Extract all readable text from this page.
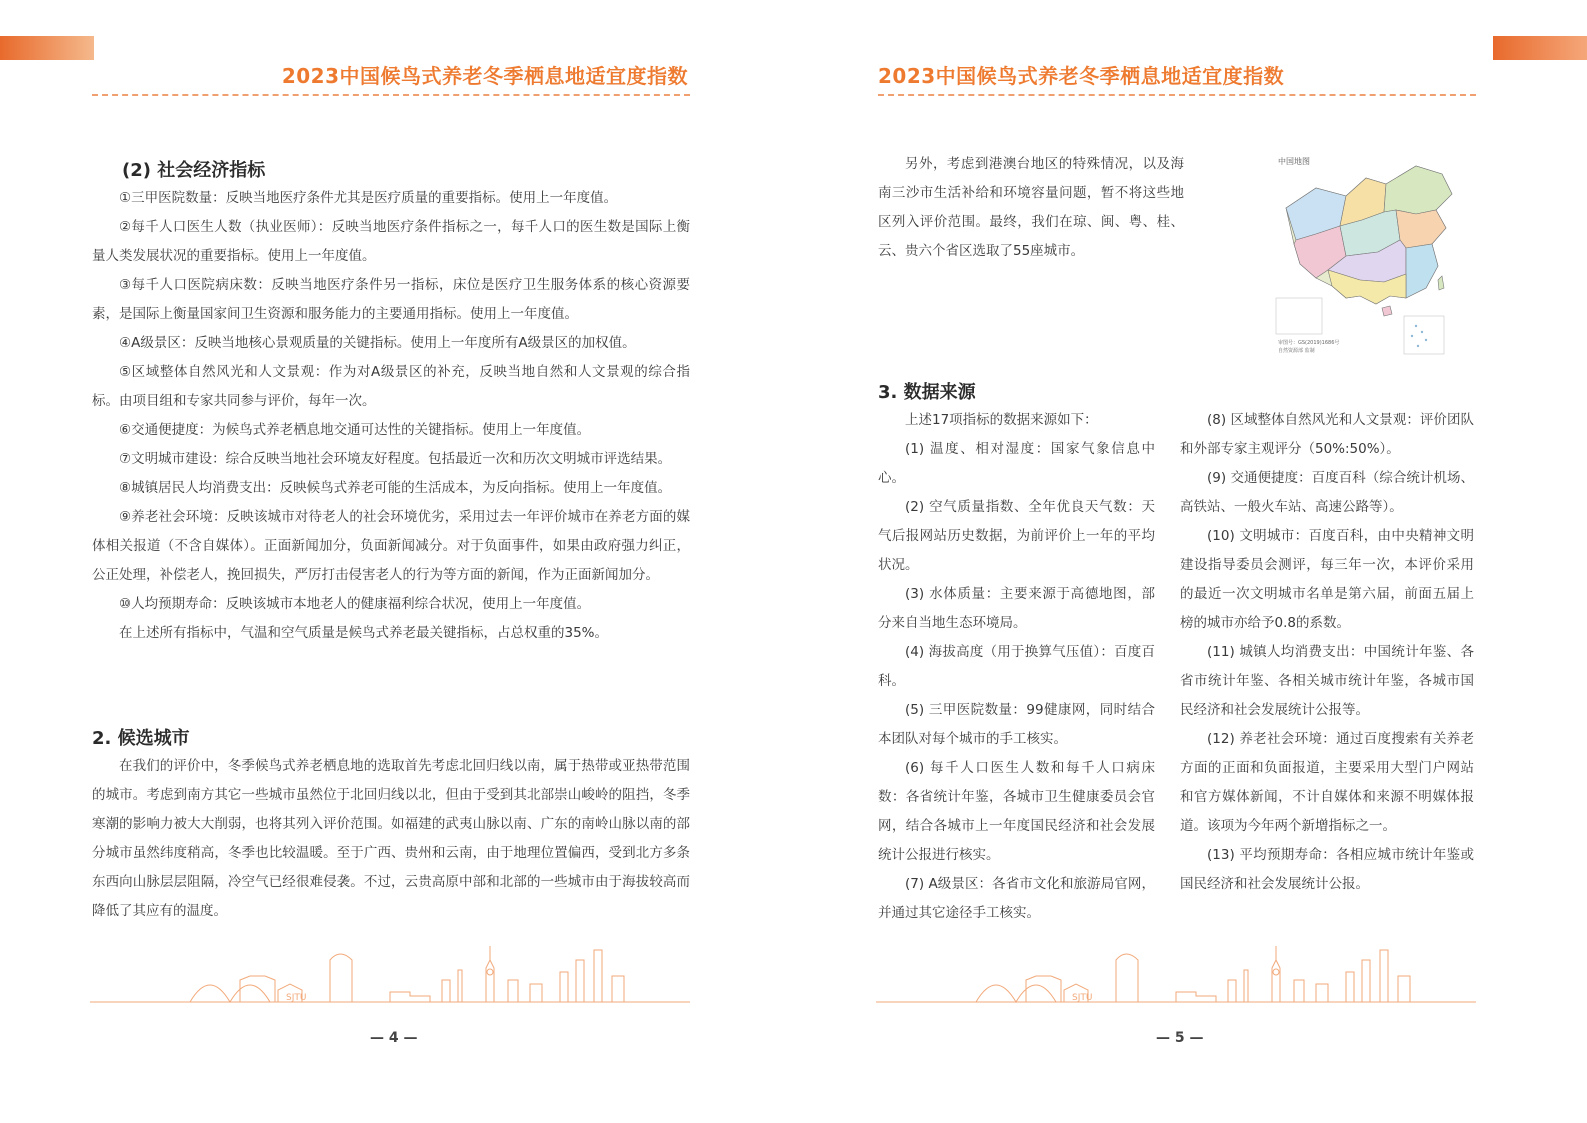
2023中国候鸟式养老冬季栖息地适宜度指数
(2) 社会经济指标

①三甲医院数量：反映当地医疗条件尤其是医疗质量的重要指标。使用上一年度值。

②每千人口医生人数（执业医师）：反映当地医疗条件指标之一，每千人口的医生数是国际上衡量人类发展状况的重要指标。使用上一年度值。

③每千人口医院病床数：反映当地医疗条件另一指标，床位是医疗卫生服务体系的核心资源要素，是国际上衡量国家间卫生资源和服务能力的主要通用指标。使用上一年度值。

④A级景区：反映当地核心景观质量的关键指标。使用上一年度所有A级景区的加权值。

⑤区域整体自然风光和人文景观：作为对A级景区的补充，反映当地自然和人文景观的综合指标。由项目组和专家共同参与评价，每年一次。

⑥交通便捷度：为候鸟式养老栖息地交通可达性的关键指标。使用上一年度值。

⑦文明城市建设：综合反映当地社会环境友好程度。包括最近一次和历次文明城市评选结果。

⑧城镇居民人均消费支出：反映候鸟式养老可能的生活成本，为反向指标。使用上一年度值。

⑨养老社会环境：反映该城市对待老人的社会环境优劣，采用过去一年评价城市在养老方面的媒体相关报道（不含自媒体）。正面新闻加分，负面新闻减分。对于负面事件，如果由政府强力纠正，公正处理，补偿老人，挽回损失，严厉打击侵害老人的行为等方面的新闻，作为正面新闻加分。

⑩人均预期寿命：反映该城市本地老人的健康福利综合状况，使用上一年度值。

在上述所有指标中，气温和空气质量是候鸟式养老最关键指标，占总权重的35%。

2. 候选城市

在我们的评价中，冬季候鸟式养老栖息地的选取首先考虑北回归线以南，属于热带或亚热带范围的城市。考虑到南方其它一些城市虽然位于北回归线以北，但由于受到其北部崇山峻岭的阻挡，冬季寒潮的影响力被大大削弱，也将其列入评价范围。如福建的武夷山脉以南、广东的南岭山脉以南的部分城市虽然纬度稍高，冬季也比较温暖。至于广西、贵州和云南，由于地理位置偏西，受到北方多条东西向山脉层层阻隔，冷空气已经很难侵袭。不过，云贵高原中部和北部的一些城市由于海拔较高而降低了其应有的温度。

SJTU
— 4 —
2023中国候鸟式养老冬季栖息地适宜度指数

另外，考虑到港澳台地区的特殊情况，以及海南三沙市生活补给和环境容量问题，暂不将这些地区列入评价范围。最终，我们在琼、闽、粤、桂、云、贵六个省区选取了55座城市。

中国地图
审图号：GS(2019)1686号
自然资源部 监制
3. 数据来源

上述17项指标的数据来源如下：

(1) 温度、相对湿度：国家气象信息中心。

(2) 空气质量指数、全年优良天气数：天气后报网站历史数据，为前评价上一年的平均状况。

(3) 水体质量：主要来源于高德地图，部分来自当地生态环境局。

(4) 海拔高度（用于换算气压值）：百度百科。

(5) 三甲医院数量：99健康网，同时结合本团队对每个城市的手工核实。

(6) 每千人口医生人数和每千人口病床数：各省统计年鉴，各城市卫生健康委员会官网，结合各城市上一年度国民经济和社会发展统计公报进行核实。

(7) A级景区：各省市文化和旅游局官网，并通过其它途径手工核实。

(8) 区域整体自然风光和人文景观：评价团队和外部专家主观评分（50%:50%）。

(9) 交通便捷度：百度百科（综合统计机场、高铁站、一般火车站、高速公路等）。

(10) 文明城市：百度百科，由中央精神文明建设指导委员会测评，每三年一次，本评价采用的最近一次文明城市名单是第六届，前面五届上榜的城市亦给予0.8的系数。

(11) 城镇人均消费支出：中国统计年鉴、各省市统计年鉴、各相关城市统计年鉴，各城市国民经济和社会发展统计公报等。

(12) 养老社会环境：通过百度搜索有关养老方面的正面和负面报道，主要采用大型门户网站和官方媒体新闻，不计自媒体和来源不明媒体报道。该项为今年两个新增指标之一。

(13) 平均预期寿命：各相应城市统计年鉴或国民经济和社会发展统计公报。

SJTU
— 5 —
